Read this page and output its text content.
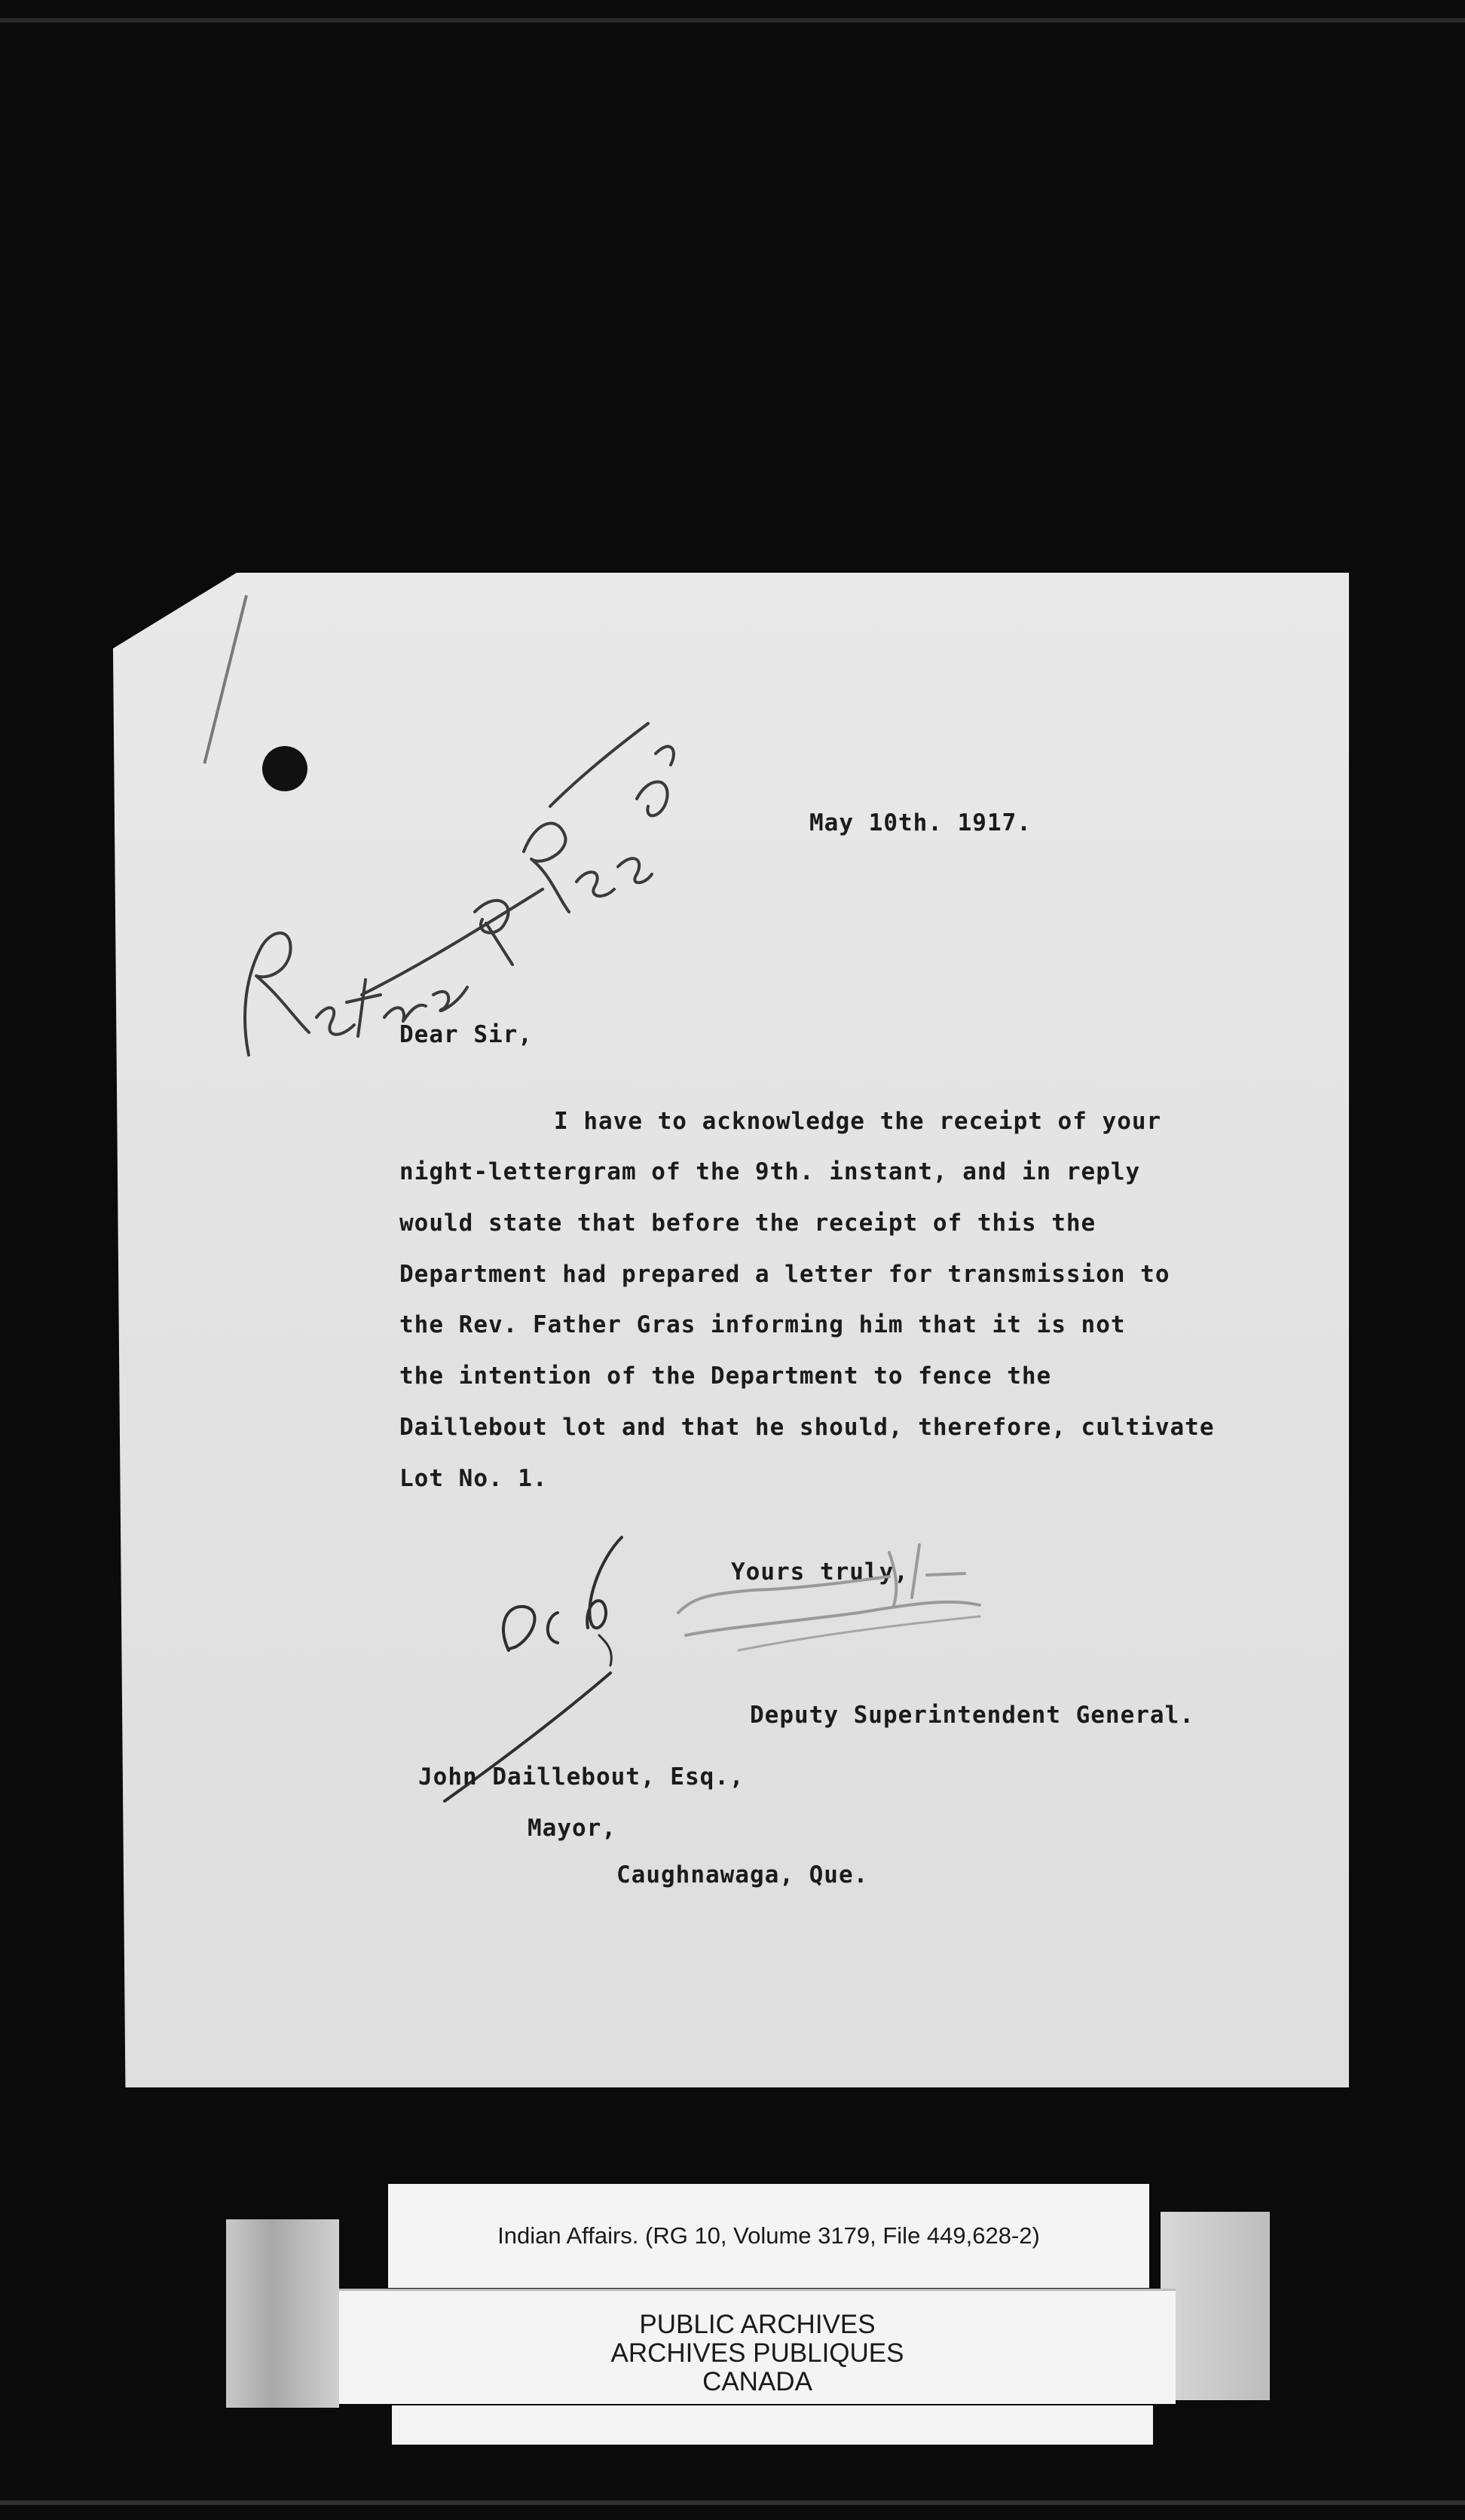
May 10th. 1917.
Dear Sir,
I have to acknowledge the receipt of your
night-lettergram of the 9th. instant, and in reply
would state that before the receipt of this the
Department had prepared a letter for transmission to
the Rev. Father Gras informing him that it is not
the intention of the Department to fence the
Daillebout lot and that he should, therefore, cultivate
Lot No. 1.
Yours truly,
Deputy Superintendent General.
John Daillebout, Esq.,
Mayor,
Caughnawaga, Que.
Indian Affairs. (RG 10, Volume 3179, File 449,628-2)
PUBLIC ARCHIVES
ARCHIVES PUBLIQUES
CANADA
